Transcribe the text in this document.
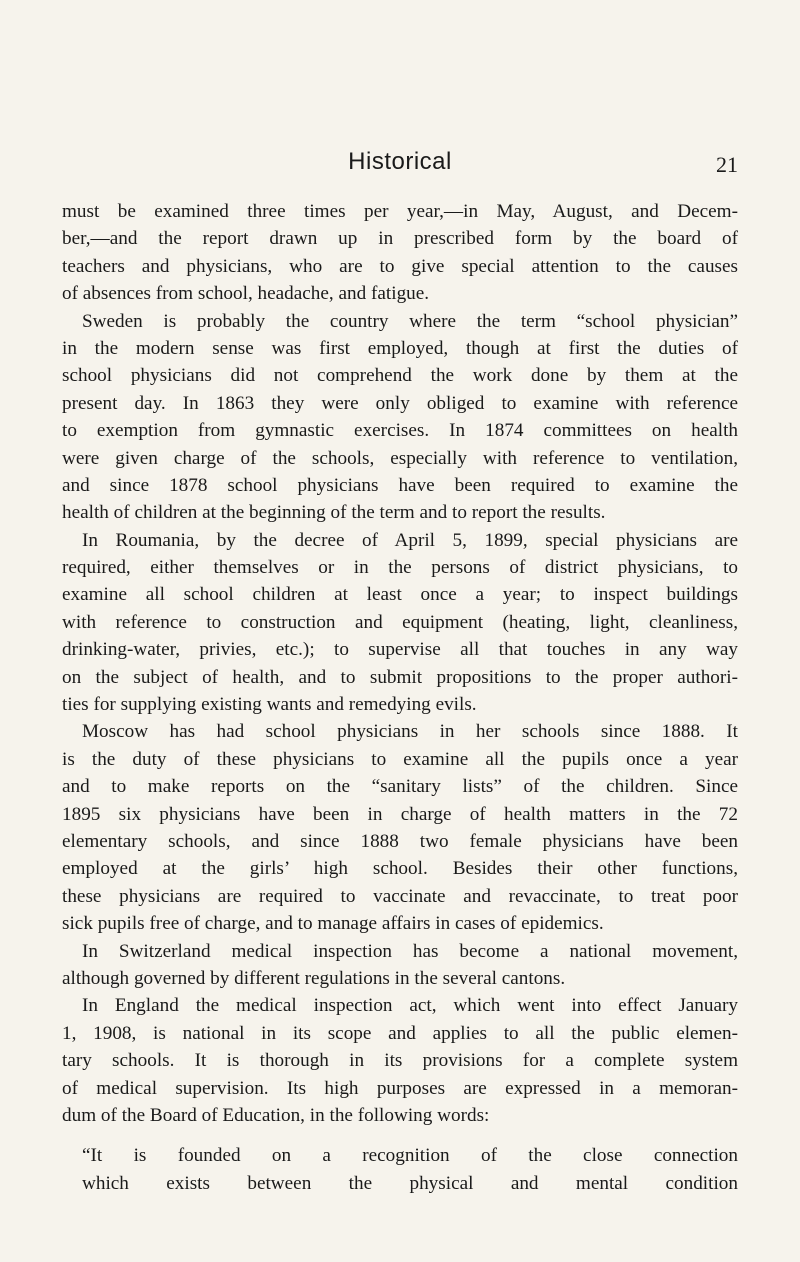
Historical	21
must be examined three times per year,—in May, August, and Decem-
ber,—and the report drawn up in prescribed form by the board of
teachers and physicians, who are to give special attention to the causes
of absences from school, headache, and fatigue.
Sweden is probably the country where the term “school physician”
in the modern sense was first employed, though at first the duties of
school physicians did not comprehend the work done by them at the
present day. In 1863 they were only obliged to examine with reference
to exemption from gymnastic exercises. In 1874 committees on health
were given charge of the schools, especially with reference to ventilation,
and since 1878 school physicians have been required to examine the
health of children at the beginning of the term and to report the results.
In Roumania, by the decree of April 5, 1899, special physicians are
required, either themselves or in the persons of district physicians, to
examine all school children at least once a year; to inspect buildings
with reference to construction and equipment (heating, light, cleanliness,
drinking-water, privies, etc.); to supervise all that touches in any way
on the subject of health, and to submit propositions to the proper authori-
ties for supplying existing wants and remedying evils.
Moscow has had school physicians in her schools since 1888. It
is the duty of these physicians to examine all the pupils once a year
and to make reports on the “sanitary lists” of the children. Since
1895 six physicians have been in charge of health matters in the 72
elementary schools, and since 1888 two female physicians have been
employed at the girls’ high school. Besides their other functions,
these physicians are required to vaccinate and revaccinate, to treat poor
sick pupils free of charge, and to manage affairs in cases of epidemics.
In Switzerland medical inspection has become a national movement,
although governed by different regulations in the several cantons.
In England the medical inspection act, which went into effect January
1, 1908, is national in its scope and applies to all the public elemen-
tary schools. It is thorough in its provisions for a complete system
of medical supervision. Its high purposes are expressed in a memoran-
dum of the Board of Education, in the following words:
“It is founded on a recognition of the close connection
which exists between the physical and mental condition
